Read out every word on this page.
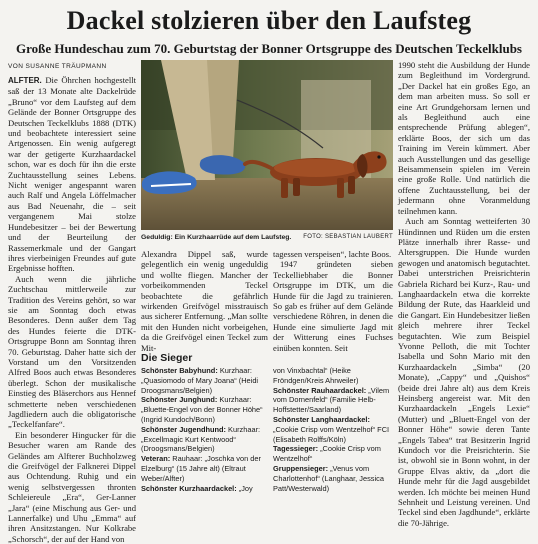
Dackel stolzieren über den Laufsteg
Große Hundeschau zum 70. Geburtstag der Bonner Ortsgruppe des Deutschen Teckelklubs
VON SUSANNE TRÄUPMANN

ALFTER. Die Öhrchen hochgestellt saß der 13 Monate alte Dackelrüde „Bruno“ vor dem Laufsteg auf dem Gelände der Bonner Ortsgruppe des Deutschen Teckelklubs 1888 (DTK) und beobachtete interessiert seine Artgenossen. Ein wenig aufgeregt war der getigerte Kurzhaardackel schon, war es doch für ihn die erste Zuchtausstellung seines Lebens. Nicht weniger angespannt waren auch Ralf und Angela Löffelmacher aus Bad Neuenahr, die – seit vergangenem Mai stolze Hundebesitzer – bei der Bewertung und der Beurteilung der Rassemerkmale und der Gangart ihres vierbeinigen Freundes auf gute Ergebnisse hofften.

Auch wenn die jährliche Zuchtschau mittlerweile zur Tradition des Vereins gehört, so war sie am Sonntag doch etwas Besonderes. Denn außer dem Tag des Hundes feierte die DTK-Ortsgruppe Bonn am Sonntag ihren 70. Geburtstag. Daher hatte sich der Vorstand um den Vorsitzenden Alfred Boos auch etwas Besonderes überlegt. Schon der musikalische Einstieg des Bläserchors aus Hennef schmetterte neben verschiedenen Jagdliedern auch die obligatorische „Teckelfanfare“.

Ein besonderer Hingucker für die Besucher waren am Rande des Geländes am Alfterer Buchholzweg die Greifvögel der Falknerei Dippel aus Ochtendung. Ruhig und ein wenig selbstvergessen thronten Schleiereule „Era“, Ger-Lanner „Jara“ (eine Mischung aus Ger- und Lannerfalke) und Uhu „Emma“ auf ihren Ansitzstangen. Nur Kolkrabe „Schorsch“, der auf der Hand von

Geduldig: Ein Kurzhaarrüde auf dem Laufsteg. FOTO: SEBASTIAN LAUBERT

Alexandra Dippel saß, wurde gelegentlich ein wenig ungeduldig und wollte fliegen. Mancher der vorbeikommenden Teckel beobachtete die gefährlich wirkenden Greifvögel misstrauisch aus sicherer Entfernung. „Man sollte mit den Hunden nicht vorbeigehen, da die Greifvögel einen Teckel zum Mit-

tagessen verspeisen“, lachte Boos.

1947 gründeten sieben Teckelliebhaber die Bonner Ortsgruppe im DTK, um die Hunde für die Jagd zu trainieren. So gab es früher auf dem Gelände verschiedene Röhren, in denen die Hunde eine simulierte Jagd mit der Witterung eines Fuchses einüben konnten. Seit

1990 steht die Ausbildung der Hunde zum Begleithund im Vordergrund. „Der Dackel hat ein großes Ego, an dem man arbeiten muss. So soll er eine Art Grundgehorsam lernen und als Begleithund auch eine entsprechende Prüfung ablegen“, erklärte Boos, der sich um das Training im Verein kümmert. Aber auch Ausstellungen und das gesellige Beisammensein spielen im Verein eine große Rolle. Und natürlich die offene Zuchtausstellung, bei der jedermann ohne Voranmeldung teilnehmen kann.

Auch am Sonntag wetteiferten 30 Hündinnen und Rüden um die ersten Plätze innerhalb ihrer Rasse- und Altersgruppen. Die Hunde wurden gewogen und anatomisch begutachtet. Dabei unterstrichen Preisrichterin Gabriela Richard bei Kurz-, Rau- und Langhaardackeln etwa die korrekte Bildung der Rute, das Haarkleid und die Gangart. Ein Hundebesitzer ließen gleich mehrere ihrer Teckel begutachten. Wie zum Beispiel Yvonne Pelloth, die mit Tochter Isabella und Sohn Mario mit den Kurzhaardackeln „Simba“ (20 Monate), „Cappy“ und „Quishos“ (beide drei Jahre alt) aus dem Kreis Heinsberg angereist war. Mit den Kurzhaardackeln „Engels Lexie“ (Mutter) und „Bluett-Engel von der Bonner Höhe“ sowie deren Tante „Engels Tabea“ trat Besitzerin Ingrid Kundoch vor die Preisrichterin. Sie ist, obwohl sie in Bonn wohnt, in der Gruppe Elvas aktiv, da „dort die Hunde mehr für die Jagd ausgebildet werden. Ich möchte bei meinen Hund Sehnheit und Leistung vereinen. Und Teckel sind eben Jagdhunde“, erklärte die 70-Jährige.

Die Sieger

Schönster Babyhund: Kurzhaar: „Quasiomodo of Mary Joana“ (Heidi Droogsmans/Belgien)

Schönster Junghund: Kurzhaar: „Bluette-Engel von der Bonner Höhe“ (Ingrid Kundoch/Bonn)

Schönster Jugendhund: Kurzhaar: „Excellmagic Kurt Kentwood“ (Droogsmans/Belgien)

Veteran: Rauhaar: „Joschka von der Elzelburg“ (15 Jahre alt) (Eltraut Weber/Alfter)

Schönster Kurzhaardackel: „Joy

von Vinxbachtal“ (Heike Fröndgen/Kreis Ahrweiler)

Schönster Rauhaardackel: „Vilem vom Dornenfeld“ (Familie Helb-Hoffstetter/Saarland)

Schönster Langhaardackel: „Cookie Crisp vom Wentzelhof“ FCI (Elisabeth Rolffs/Köln)

Tagessieger: „Cookie Crisp vom Wentzelhof“

Gruppensieger: „Venus vom Charlottenhof“ (Langhaar, Jessica Patt/Westerwald)
